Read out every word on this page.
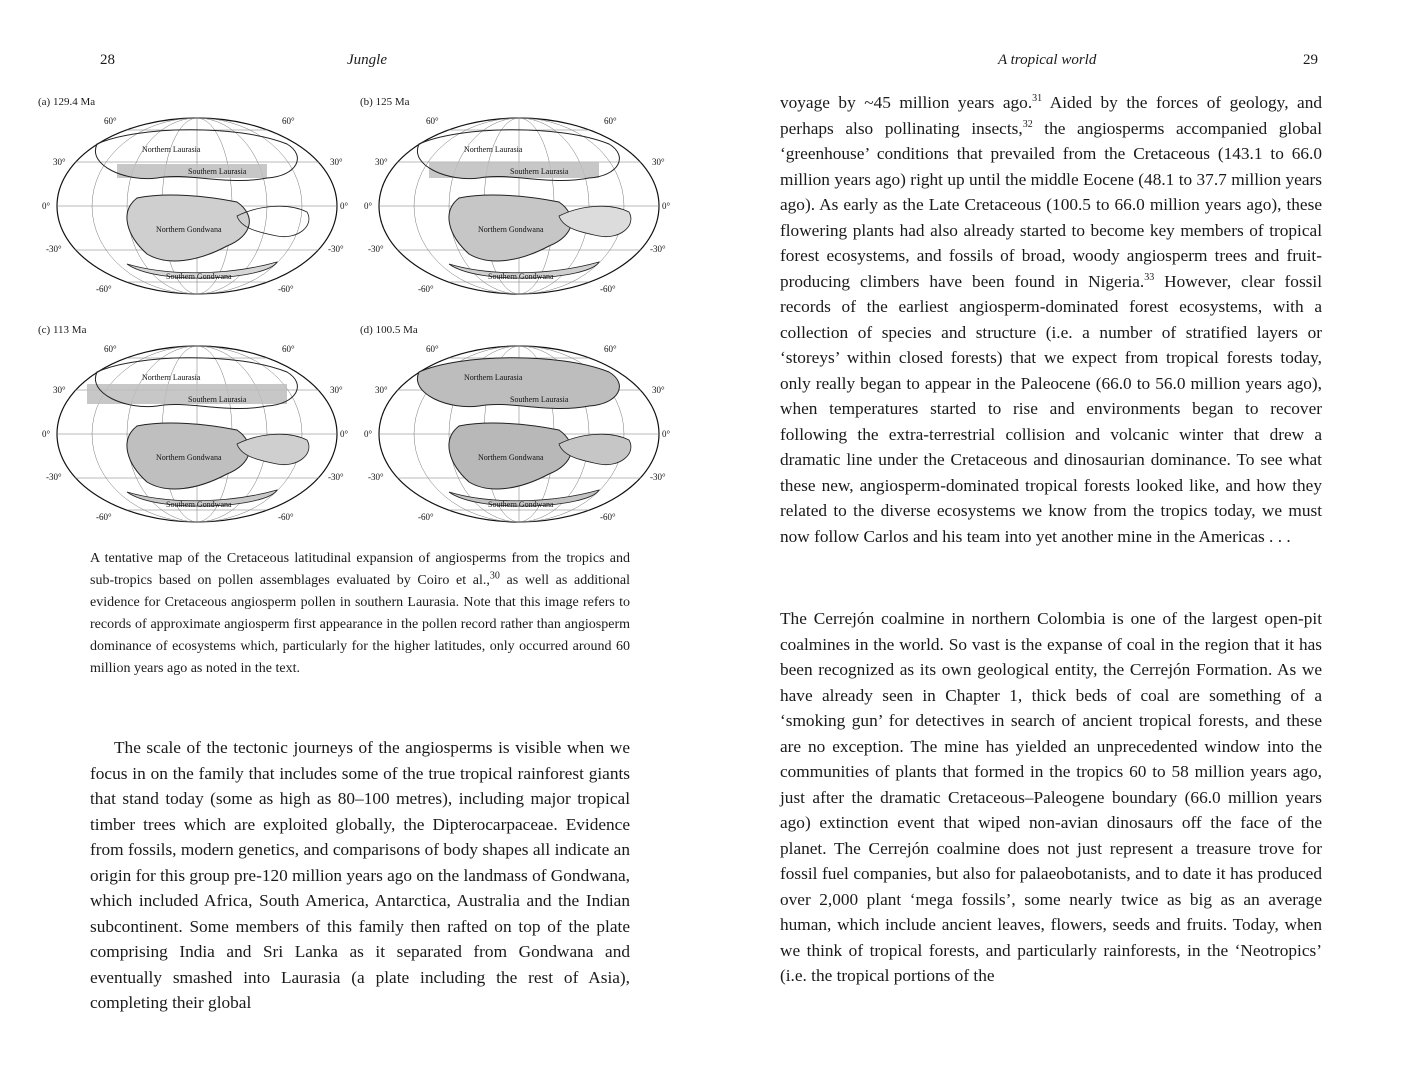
28	Jungle
(a) 129.4 Ma
60°	60°
30°	30°
0°	0°
-30°	-30°
-60°	-60°
Northern Laurasia
Southern Laurasia
Northern Gondwana
Southern Gondwana
(b) 125 Ma
60°	60°
30°	30°
0°	0°
-30°	-30°
-60°	-60°
Northern Laurasia
Southern Laurasia
Northern Gondwana
Southern Gondwana
(c) 113 Ma
60°	60°
30°	30°
0°	0°
-30°	-30°
-60°	-60°
Northern Laurasia
Southern Laurasia
Northern Gondwana
Southern Gondwana
(d) 100.5 Ma
60°	60°
30°	30°
0°	0°
-30°	-30°
-60°	-60°
Northern Laurasia
Southern Laurasia
Northern Gondwana
Southern Gondwana

A tentative map of the Cretaceous latitudinal expansion of angiosperms from the tropics and sub-tropics based on pollen assemblages evaluated by Coiro et al.,$^{30}$ as well as additional evidence for Cretaceous angiosperm pollen in southern Laurasia. Note that this image refers to records of approximate angiosperm first appearance in the pollen record rather than angiosperm dominance of ecosystems which, particularly for the higher latitudes, only occurred around 60 million years ago as noted in the text.

The scale of the tectonic journeys of the angiosperms is visible when we focus in on the family that includes some of the true tropical rainforest giants that stand today (some as high as 80–100 metres), including major tropical timber trees which are exploited globally, the Dipterocarpaceae. Evidence from fossils, modern genetics, and comparisons of body shapes all indicate an origin for this group pre-120 million years ago on the landmass of Gondwana, which included Africa, South America, Antarctica, Australia and the Indian subcontinent. Some members of this family then rafted on top of the plate comprising India and Sri Lanka as it separated from Gondwana and eventually smashed into Laurasia (a plate including the rest of Asia), completing their global

A tropical world	29

voyage by ~45 million years ago.$^{31}$ Aided by the forces of geology, and perhaps also pollinating insects,$^{32}$ the angiosperms accompanied global ‘greenhouse’ conditions that prevailed from the Cretaceous (143.1 to 66.0 million years ago) right up until the middle Eocene (48.1 to 37.7 million years ago). As early as the Late Cretaceous (100.5 to 66.0 million years ago), these flowering plants had also already started to become key members of tropical forest ecosystems, and fossils of broad, woody angiosperm trees and fruit-producing climbers have been found in Nigeria.$^{33}$ However, clear fossil records of the earliest angiosperm-dominated forest ecosystems, with a collection of species and structure (i.e. a number of stratified layers or ‘storeys’ within closed forests) that we expect from tropical forests today, only really began to appear in the Paleocene (66.0 to 56.0 million years ago), when temperatures started to rise and environments began to recover following the extra-terrestrial collision and volcanic winter that drew a dramatic line under the Cretaceous and dinosaurian dominance. To see what these new, angiosperm-dominated tropical forests looked like, and how they related to the diverse ecosystems we know from the tropics today, we must now follow Carlos and his team into yet another mine in the Americas . . .

The Cerrejón coalmine in northern Colombia is one of the largest open-pit coalmines in the world. So vast is the expanse of coal in the region that it has been recognized as its own geological entity, the Cerrejón Formation. As we have already seen in Chapter 1, thick beds of coal are something of a ‘smoking gun’ for detectives in search of ancient tropical forests, and these are no exception. The mine has yielded an unprecedented window into the communities of plants that formed in the tropics 60 to 58 million years ago, just after the dramatic Cretaceous–Paleogene boundary (66.0 million years ago) extinction event that wiped non-avian dinosaurs off the face of the planet. The Cerrejón coalmine does not just represent a treasure trove for fossil fuel companies, but also for palaeobotanists, and to date it has produced over 2,000 plant ‘mega fossils’, some nearly twice as big as an average human, which include ancient leaves, flowers, seeds and fruits. Today, when we think of tropical forests, and particularly rainforests, in the ‘Neotropics’ (i.e. the tropical portions of the
